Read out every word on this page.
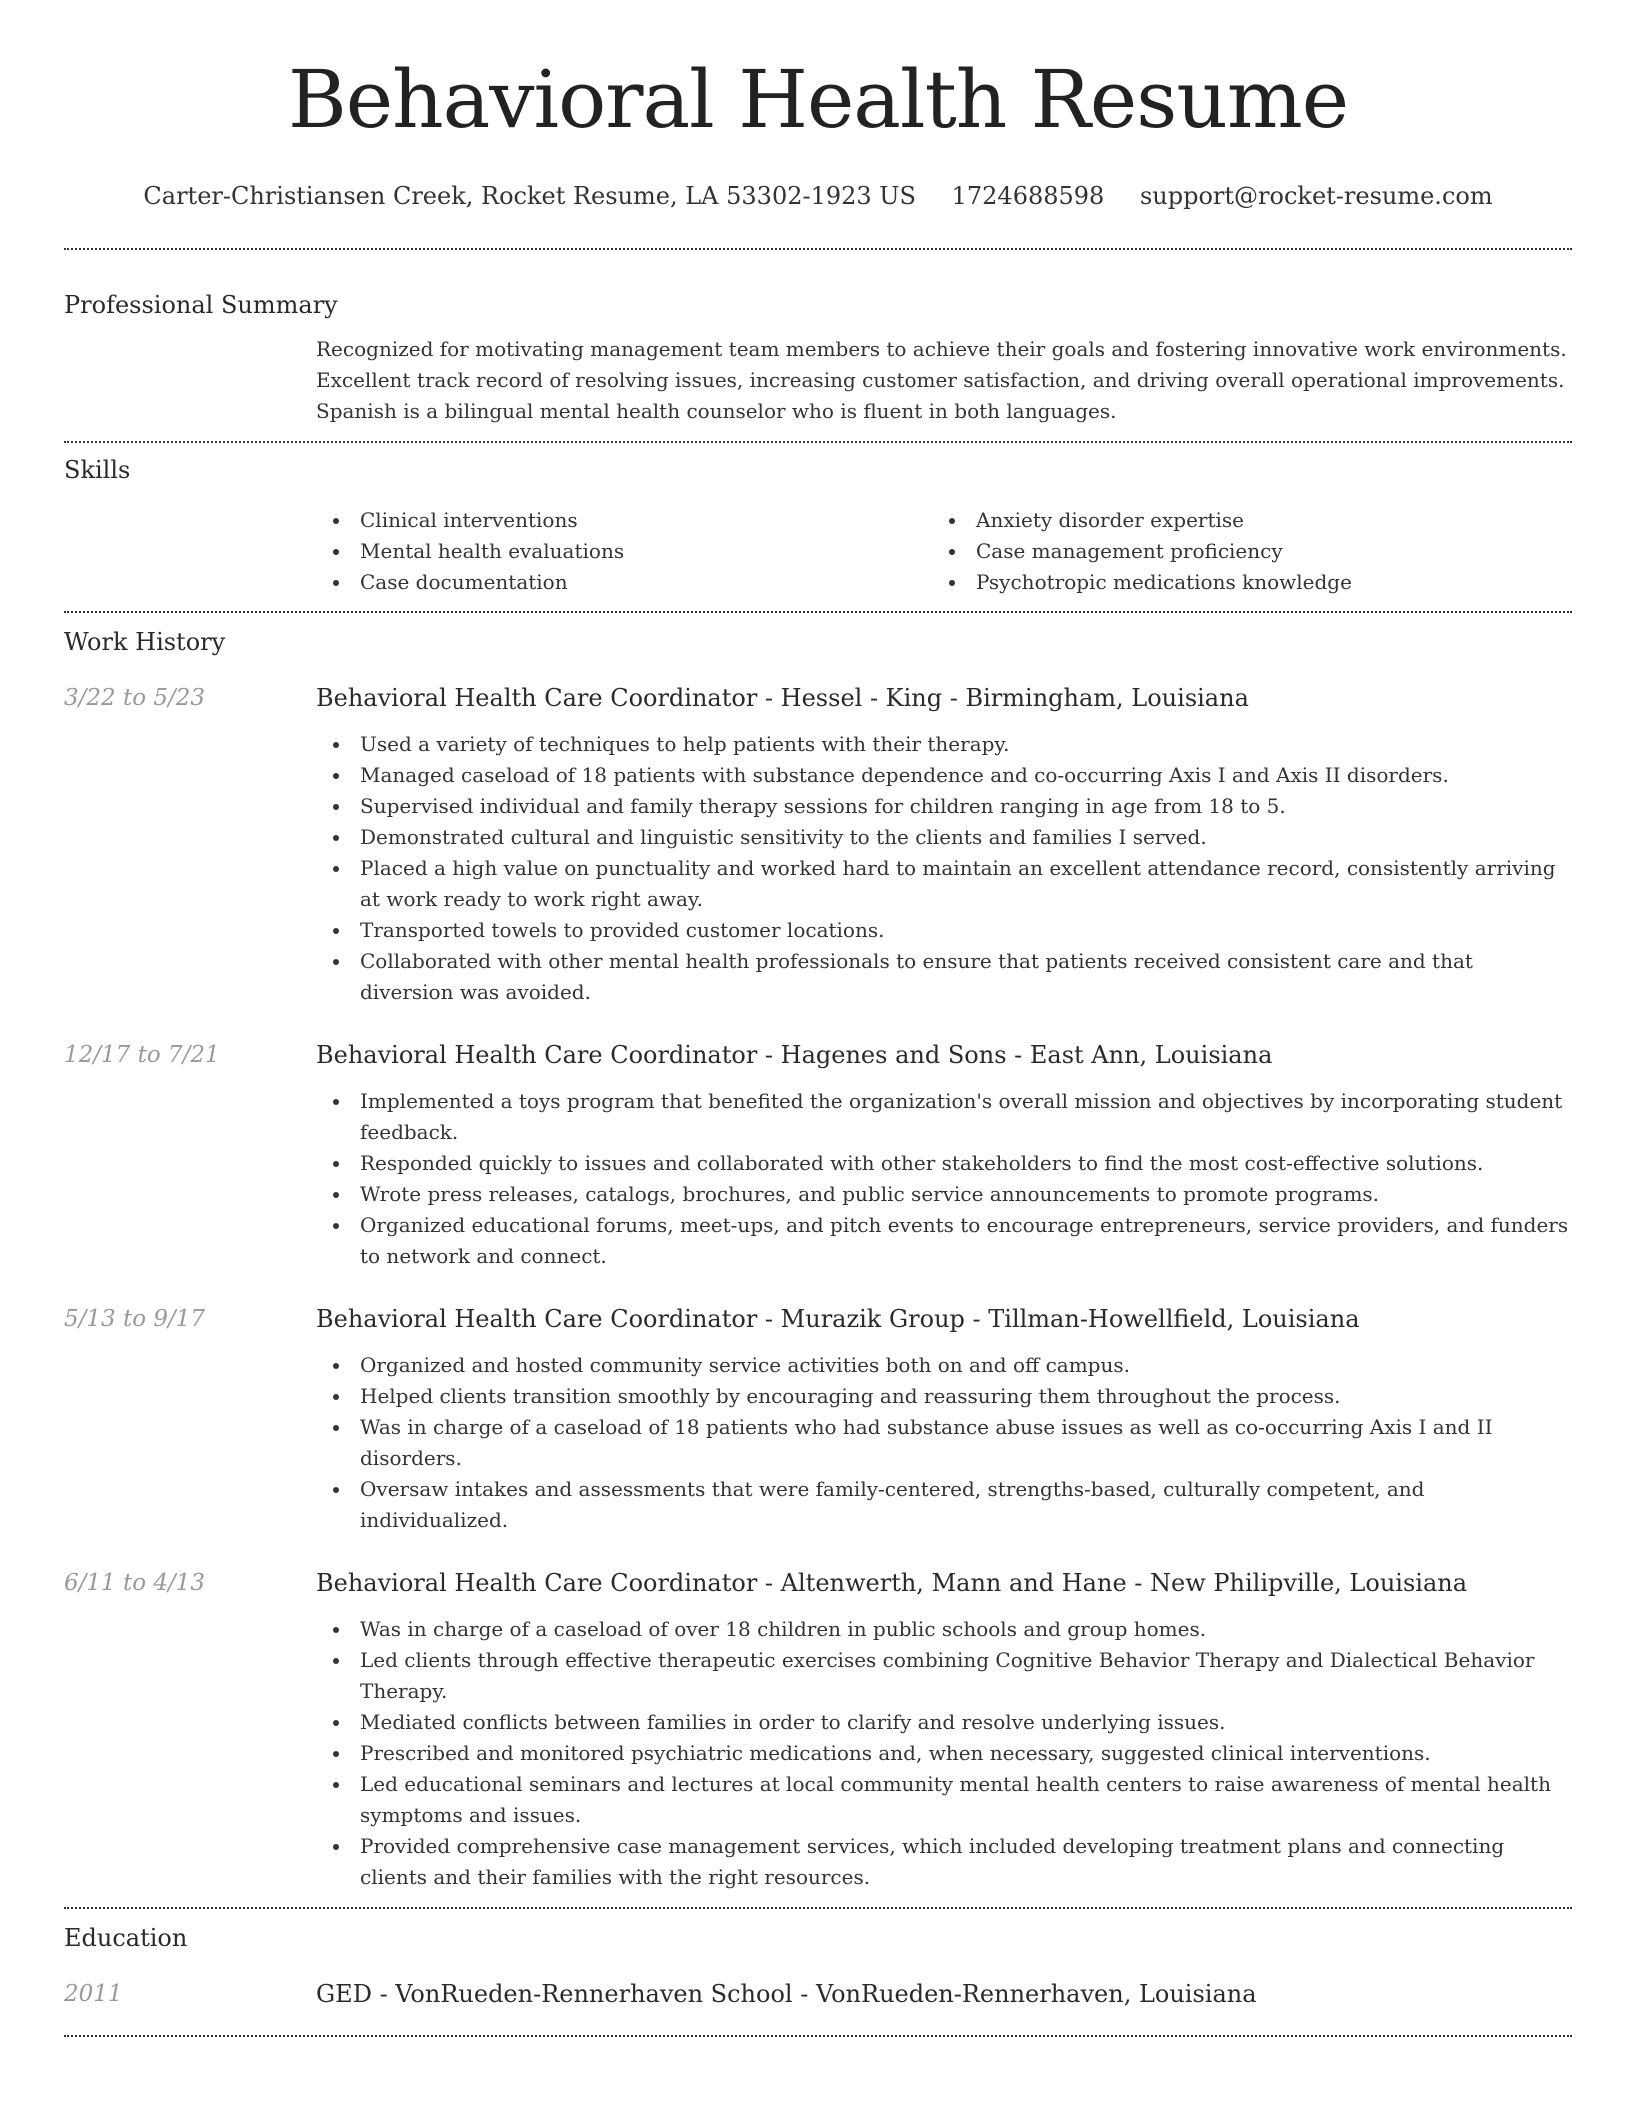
Behavioral Health Resume
Carter-Christiansen Creek, Rocket Resume, LA 53302-1923 US 1724688598 support@rocket-resume.com
Professional Summary

Recognized for motivating management team members to achieve their goals and fostering innovative work environments. Excellent track record of resolving issues, increasing customer satisfaction, and driving overall operational improvements. Spanish is a bilingual mental health counselor who is fluent in both languages.

Skills
Clinical interventions
Mental health evaluations
Case documentation
Anxiety disorder expertise
Case management proficiency
Psychotropic medications knowledge
Work History
3/22 to 5/23	Behavioral Health Care Coordinator - Hessel - King - Birmingham, Louisiana
Used a variety of techniques to help patients with their therapy.
Managed caseload of 18 patients with substance dependence and co-occurring Axis I and Axis II disorders.
Supervised individual and family therapy sessions for children ranging in age from 18 to 5.
Demonstrated cultural and linguistic sensitivity to the clients and families I served.
Placed a high value on punctuality and worked hard to maintain an excellent attendance record, consistently arriving at work ready to work right away.
Transported towels to provided customer locations.
Collaborated with other mental health professionals to ensure that patients received consistent care and that diversion was avoided.
12/17 to 7/21	Behavioral Health Care Coordinator - Hagenes and Sons - East Ann, Louisiana
Implemented a toys program that benefited the organization's overall mission and objectives by incorporating student feedback.
Responded quickly to issues and collaborated with other stakeholders to find the most cost-effective solutions.
Wrote press releases, catalogs, brochures, and public service announcements to promote programs.
Organized educational forums, meet-ups, and pitch events to encourage entrepreneurs, service providers, and funders to network and connect.
5/13 to 9/17	Behavioral Health Care Coordinator - Murazik Group - Tillman-Howellfield, Louisiana
Organized and hosted community service activities both on and off campus.
Helped clients transition smoothly by encouraging and reassuring them throughout the process.
Was in charge of a caseload of 18 patients who had substance abuse issues as well as co-occurring Axis I and II disorders.
Oversaw intakes and assessments that were family-centered, strengths-based, culturally competent, and individualized.
6/11 to 4/13	Behavioral Health Care Coordinator - Altenwerth, Mann and Hane - New Philipville, Louisiana
Was in charge of a caseload of over 18 children in public schools and group homes.
Led clients through effective therapeutic exercises combining Cognitive Behavior Therapy and Dialectical Behavior Therapy.
Mediated conflicts between families in order to clarify and resolve underlying issues.
Prescribed and monitored psychiatric medications and, when necessary, suggested clinical interventions.
Led educational seminars and lectures at local community mental health centers to raise awareness of mental health symptoms and issues.
Provided comprehensive case management services, which included developing treatment plans and connecting clients and their families with the right resources.
Education
2011	GED - VonRueden-Rennerhaven School - VonRueden-Rennerhaven, Louisiana
